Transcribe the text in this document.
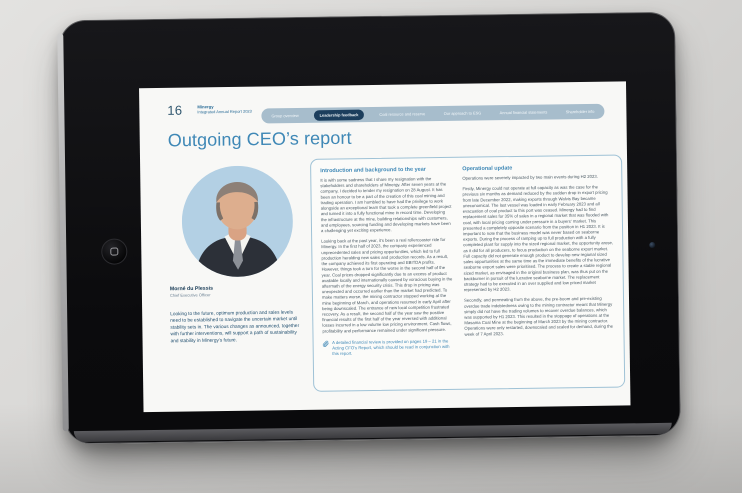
16 Minergy
Integrated Annual Report 2023
Group overview	Leadership feedback	Coal resource and reserve	Our approach to ESG	Annual financial statements	Shareholder info
Outgoing CEO’s report
Morné du Plessis
Chief Executive Officer

Looking to the future, optimum production and sales levels need to be established to navigate the uncertain market until stability sets in. The various changes as announced, together with further interventions, will support a path of sustainability and stability in Minergy’s future.

Introduction and background to the year

It is with some sadness that I share my resignation with the stakeholders and shareholders of Minergy. After seven years at the company, I decided to tender my resignation on 28 August. It has been an honour to be a part of the creation of this coal mining and trading operation. I am humbled to have had the privilege to work alongside an exceptional team that took a complete greenfield project and turned it into a fully functional mine in record time. Developing the infrastructure at the mine, building relationships with customers, and employees, sourcing funding and developing markets have been a challenging yet exciting experience.

Looking back at the past year, it’s been a real rollercoaster ride for Minergy. In the first half of 2023, the company experienced unprecedented sales and pricing opportunities, which led to full production heralding new sales and production records. As a result, the company achieved its first operating and EBITDA profits. However, things took a turn for the worse in the second half of the year. Coal prices dropped significantly due to an excess of product available locally and internationally caused by voracious buying in the aftermath of the energy security crisis. This drop in pricing was unexpected and occurred earlier than the market had predicted. To make matters worse, the mining contractor stopped working at the mine beginning of March, and operations resumed in early April after being downscaled. The entrance of new local competition frustrated recovery. As a result, the second half of the year saw the positive financial results of the first half of the year reversed with additional losses incurred in a low volume low pricing environment. Cash flows, profitability and performance remained under significant pressure.

A detailed financial review is provided on pages 19 – 21 in the Acting CFO’s Report, which should be read in conjunction with this report.
Operational update

Operations were severely impacted by two main events during H2 2023.

Firstly, Minergy could not operate at full capacity as was the case for the previous six months as demand reduced by the sudden drop in export pricing from late December 2022, making exports through Walvis Bay became uneconomical. The last vessel was loaded in early February 2023 and all evacuation of coal product to this port was ceased. Minergy had to find replacement sales for 35% of sales in a regional market that was flooded with coal, with local pricing coming under pressure in a buyers’ market. This presented a completely opposite scenario from the position in H1 2023. It is important to note that the business model was never based on seaborne exports. During the process of ramping up to full production with a fully completed plant for supply into the sized regional market, the opportunity arose, as it did for all producers, to focus production on the seaborne export market. Full capacity did not generate enough product to develop new regional sized sales opportunities at the same time as the immediate benefits of the lucrative seaborne export sales were prioritised. The process to create a stable regional sized market, as envisaged in the original business plan, was thus put on the backburner in pursuit of the lucrative seaborne market. The replacement strategy had to be executed in an over supplied and low priced market represented by H2 2023.

Secondly, and permeating from the above, the pre-boom and pre-existing overdue trade indebtedness owing to the mining contractor meant that Minergy simply did not have the trading volumes to recover overdue balances, which was supported by H1 2023. This resulted in the stoppage of operations at the Masama Coal Mine at the beginning of March 2023 by the mining contractor. Operations were only restarted, downscaled and scaled for demand, during the week of 7 April 2023.
